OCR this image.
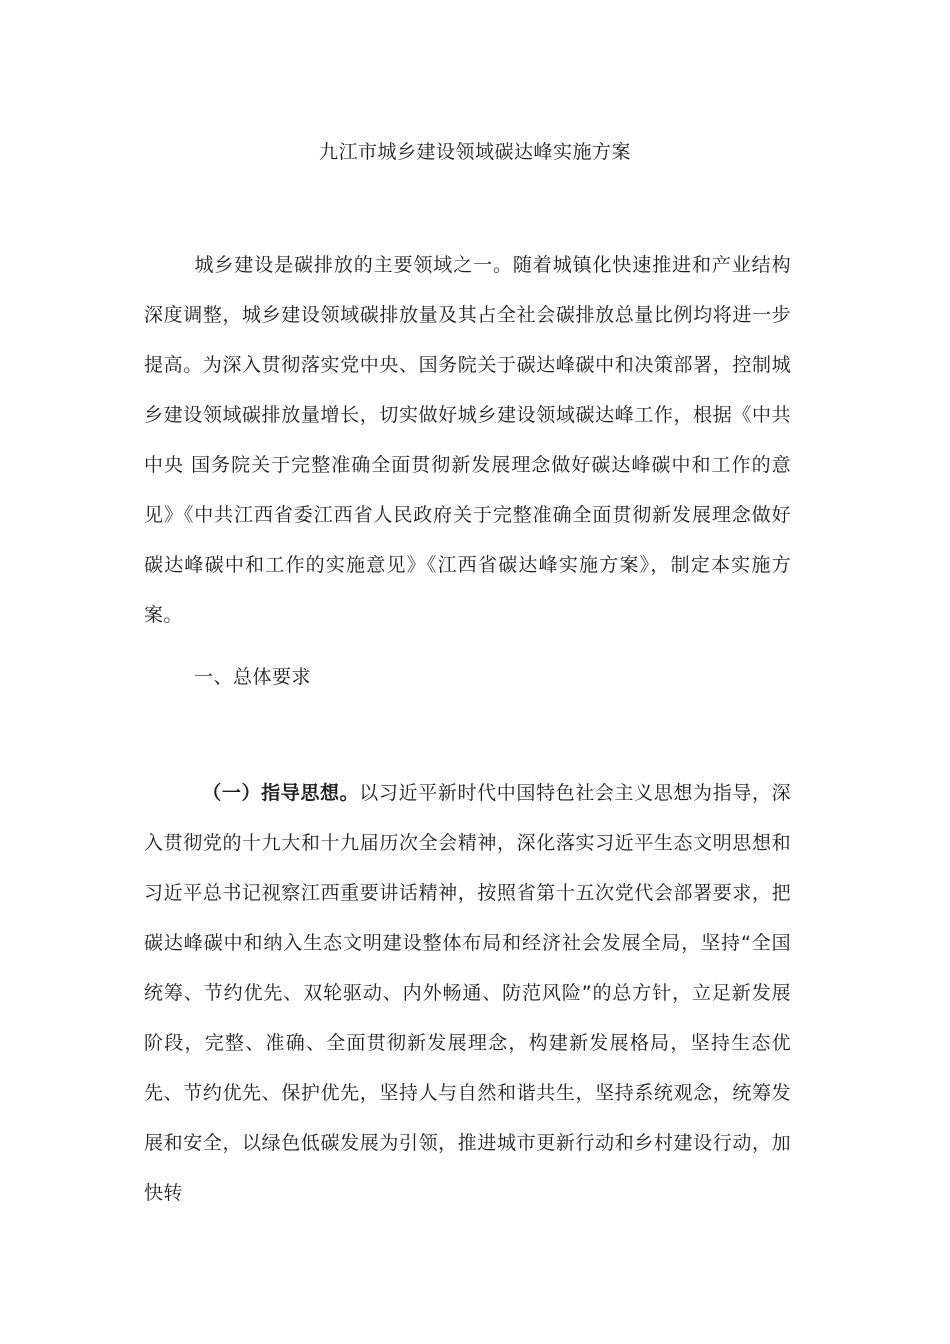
九江市城乡建设领域碳达峰实施方案
城乡建设是碳排放的主要领域之一。随着城镇化快速推进和产业结构深度调整，城乡建设领域碳排放量及其占全社会碳排放总量比例均将进一步提高。为深入贯彻落实党中央、国务院关于碳达峰碳中和决策部署，控制城乡建设领域碳排放量增长，切实做好城乡建设领域碳达峰工作，根据《中共中央 国务院关于完整准确全面贯彻新发展理念做好碳达峰碳中和工作的意见》《中共江西省委江西省人民政府关于完整准确全面贯彻新发展理念做好碳达峰碳中和工作的实施意见》《江西省碳达峰实施方案》，制定本实施方案。
一、总体要求
（一）指导思想。以习近平新时代中国特色社会主义思想为指导，深入贯彻党的十九大和十九届历次全会精神，深化落实习近平生态文明思想和习近平总书记视察江西重要讲话精神，按照省第十五次党代会部署要求，把碳达峰碳中和纳入生态文明建设整体布局和经济社会发展全局，坚持“全国统筹、节约优先、双轮驱动、内外畅通、防范风险”的总方针，立足新发展阶段，完整、准确、全面贯彻新发展理念，构建新发展格局，坚持生态优先、节约优先、保护优先，坚持人与自然和谐共生，坚持系统观念，统筹发展和安全，以绿色低碳发展为引领，推进城市更新行动和乡村建设行动，加快转
